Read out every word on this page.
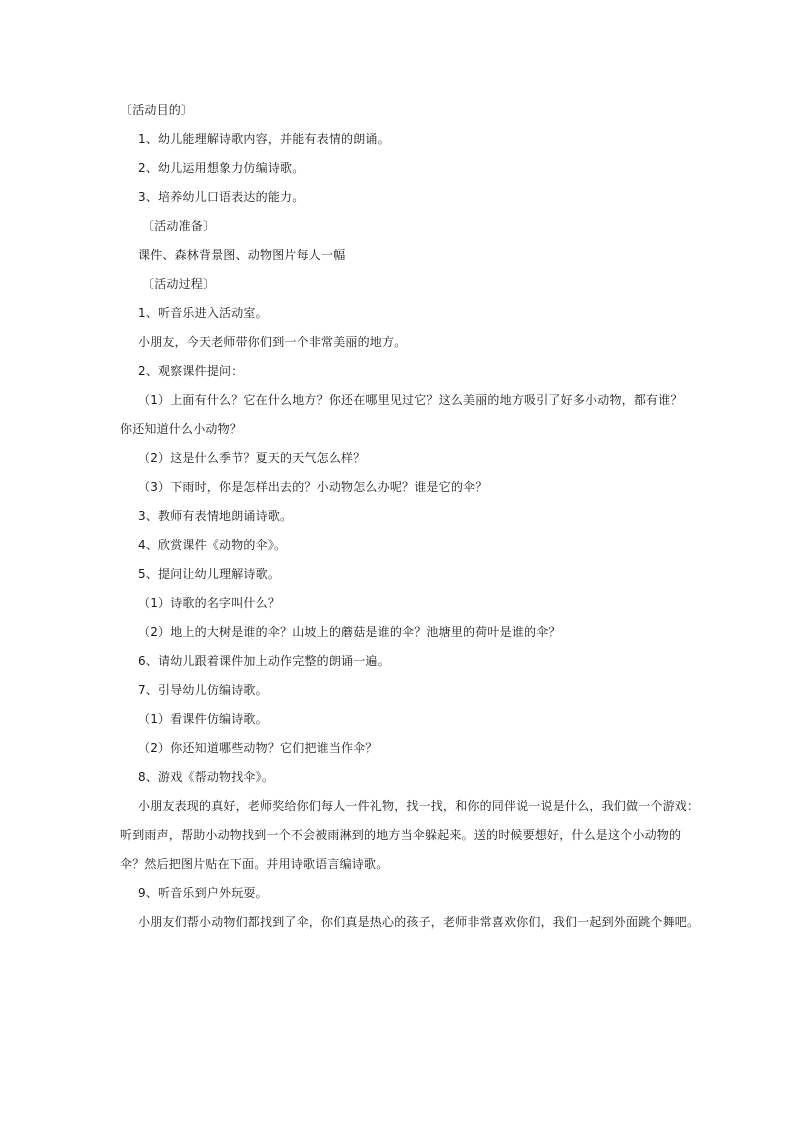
〔活动目的〕
1、幼儿能理解诗歌内容，并能有表情的朗诵。
2、幼儿运用想象力仿编诗歌。
3、培养幼儿口语表达的能力。
〔活动准备〕
课件、森林背景图、动物图片每人一幅
〔活动过程〕
1、听音乐进入活动室。
小朋友，今天老师带你们到一个非常美丽的地方。
2、观察课件提问：
（1）上面有什么？它在什么地方？你还在哪里见过它？这么美丽的地方吸引了好多小动物，都有谁？
你还知道什么小动物？
（2）这是什么季节？夏天的天气怎么样？
（3）下雨时，你是怎样出去的？小动物怎么办呢？谁是它的伞？
3、教师有表情地朗诵诗歌。
4、欣赏课件《动物的伞》。
5、提问让幼儿理解诗歌。
（1）诗歌的名字叫什么？
（2）地上的大树是谁的伞？山坡上的蘑菇是谁的伞？池塘里的荷叶是谁的伞？
6、请幼儿跟着课件加上动作完整的朗诵一遍。
7、引导幼儿仿编诗歌。
（1）看课件仿编诗歌。
（2）你还知道哪些动物？它们把谁当作伞？
8、游戏《帮动物找伞》。
小朋友表现的真好，老师奖给你们每人一件礼物，找一找，和你的同伴说一说是什么，我们做一个游戏：
听到雨声，帮助小动物找到一个不会被雨淋到的地方当伞躲起来。送的时候要想好，什么是这个小动物的
伞？然后把图片贴在下面。并用诗歌语言编诗歌。
9、听音乐到户外玩耍。
小朋友们帮小动物们都找到了伞，你们真是热心的孩子，老师非常喜欢你们，我们一起到外面跳个舞吧。
